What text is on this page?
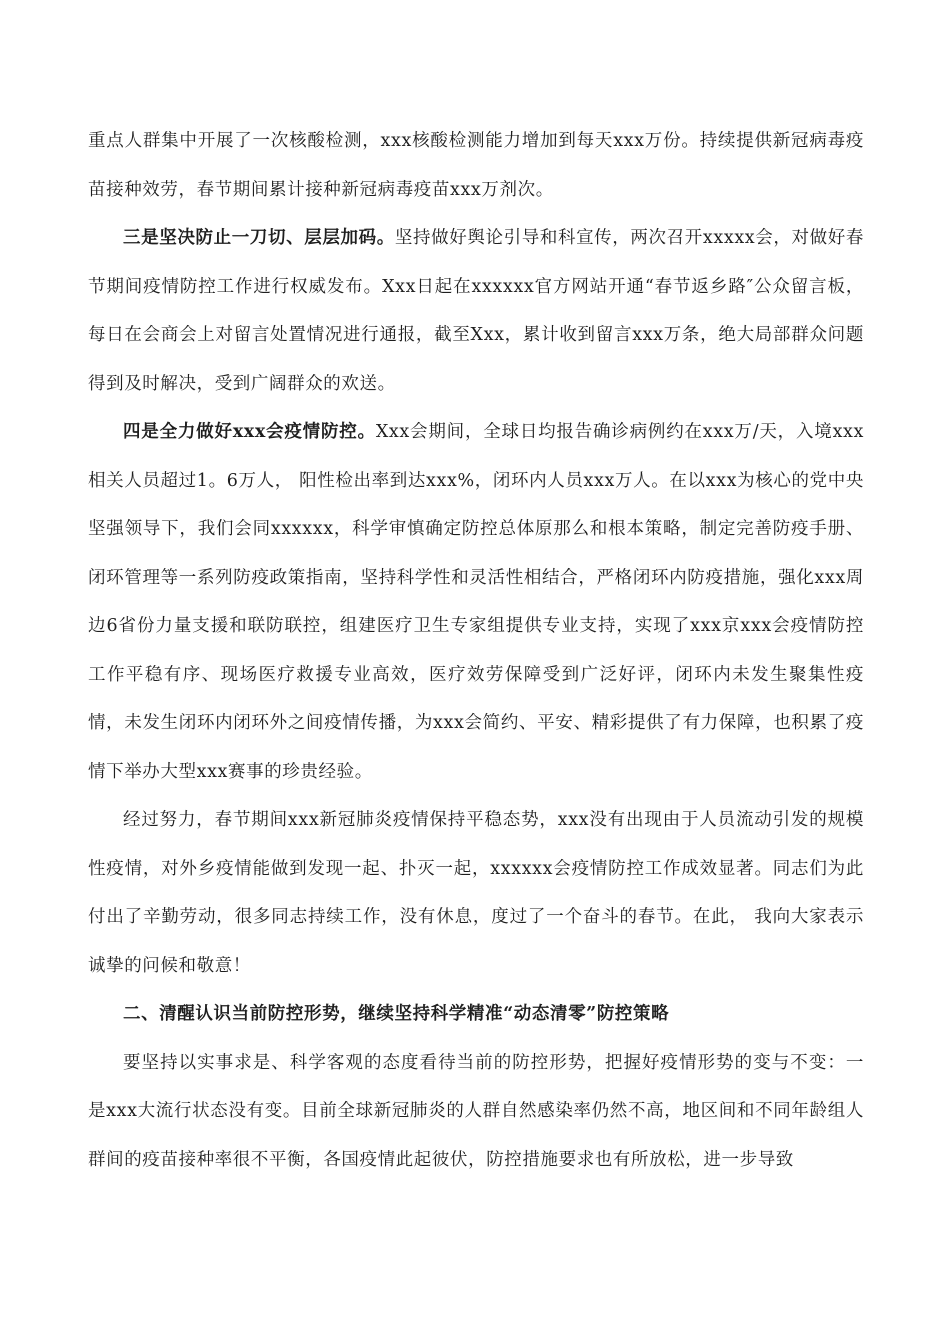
重点人群集中开展了一次核酸检测，xxx核酸检测能力增加到每天xxx万份。持续提供新冠病毒疫苗接种效劳，春节期间累计接种新冠病毒疫苗xxx万剂次。

三是坚决防止一刀切、层层加码。坚持做好舆论引导和科宣传，两次召开xxxxx会，对做好春节期间疫情防控工作进行权威发布。Xxx日起在xxxxxx官方网站开通“春节返乡路″公众留言板，每日在会商会上对留言处置情况进行通报，截至Xxx，累计收到留言xxx万条，绝大局部群众问题得到及时解决，受到广阔群众的欢送。

四是全力做好xxx会疫情防控。Xxx会期间，全球日均报告确诊病例约在xxx万/天，入境xxx相关人员超过1。6万人， 阳性检出率到达xxx%，闭环内人员xxx万人。在以xxx为核心的党中央坚强领导下，我们会同xxxxxx，科学审慎确定防控总体原那么和根本策略，制定完善防疫手册、闭环管理等一系列防疫政策指南，坚持科学性和灵活性相结合，严格闭环内防疫措施，强化xxx周边6省份力量支援和联防联控，组建医疗卫生专家组提供专业支持，实现了xxx京xxx会疫情防控工作平稳有序、现场医疗救援专业高效，医疗效劳保障受到广泛好评，闭环内未发生聚集性疫情，未发生闭环内闭环外之间疫情传播，为xxx会简约、平安、精彩提供了有力保障，也积累了疫情下举办大型xxx赛事的珍贵经验。

经过努力，春节期间xxx新冠肺炎疫情保持平稳态势，xxx没有出现由于人员流动引发的规模性疫情，对外乡疫情能做到发现一起、扑灭一起，xxxxxx会疫情防控工作成效显著。同志们为此付出了辛勤劳动，很多同志持续工作，没有休息，度过了一个奋斗的春节。在此， 我向大家表示诚挚的问候和敬意！

二、清醒认识当前防控形势，继续坚持科学精准“动态清零”防控策略

要坚持以实事求是、科学客观的态度看待当前的防控形势，把握好疫情形势的变与不变：一是xxx大流行状态没有变。目前全球新冠肺炎的人群自然感染率仍然不高，地区间和不同年龄组人群间的疫苗接种率很不平衡，各国疫情此起彼伏，防控措施要求也有所放松，进一步导致
